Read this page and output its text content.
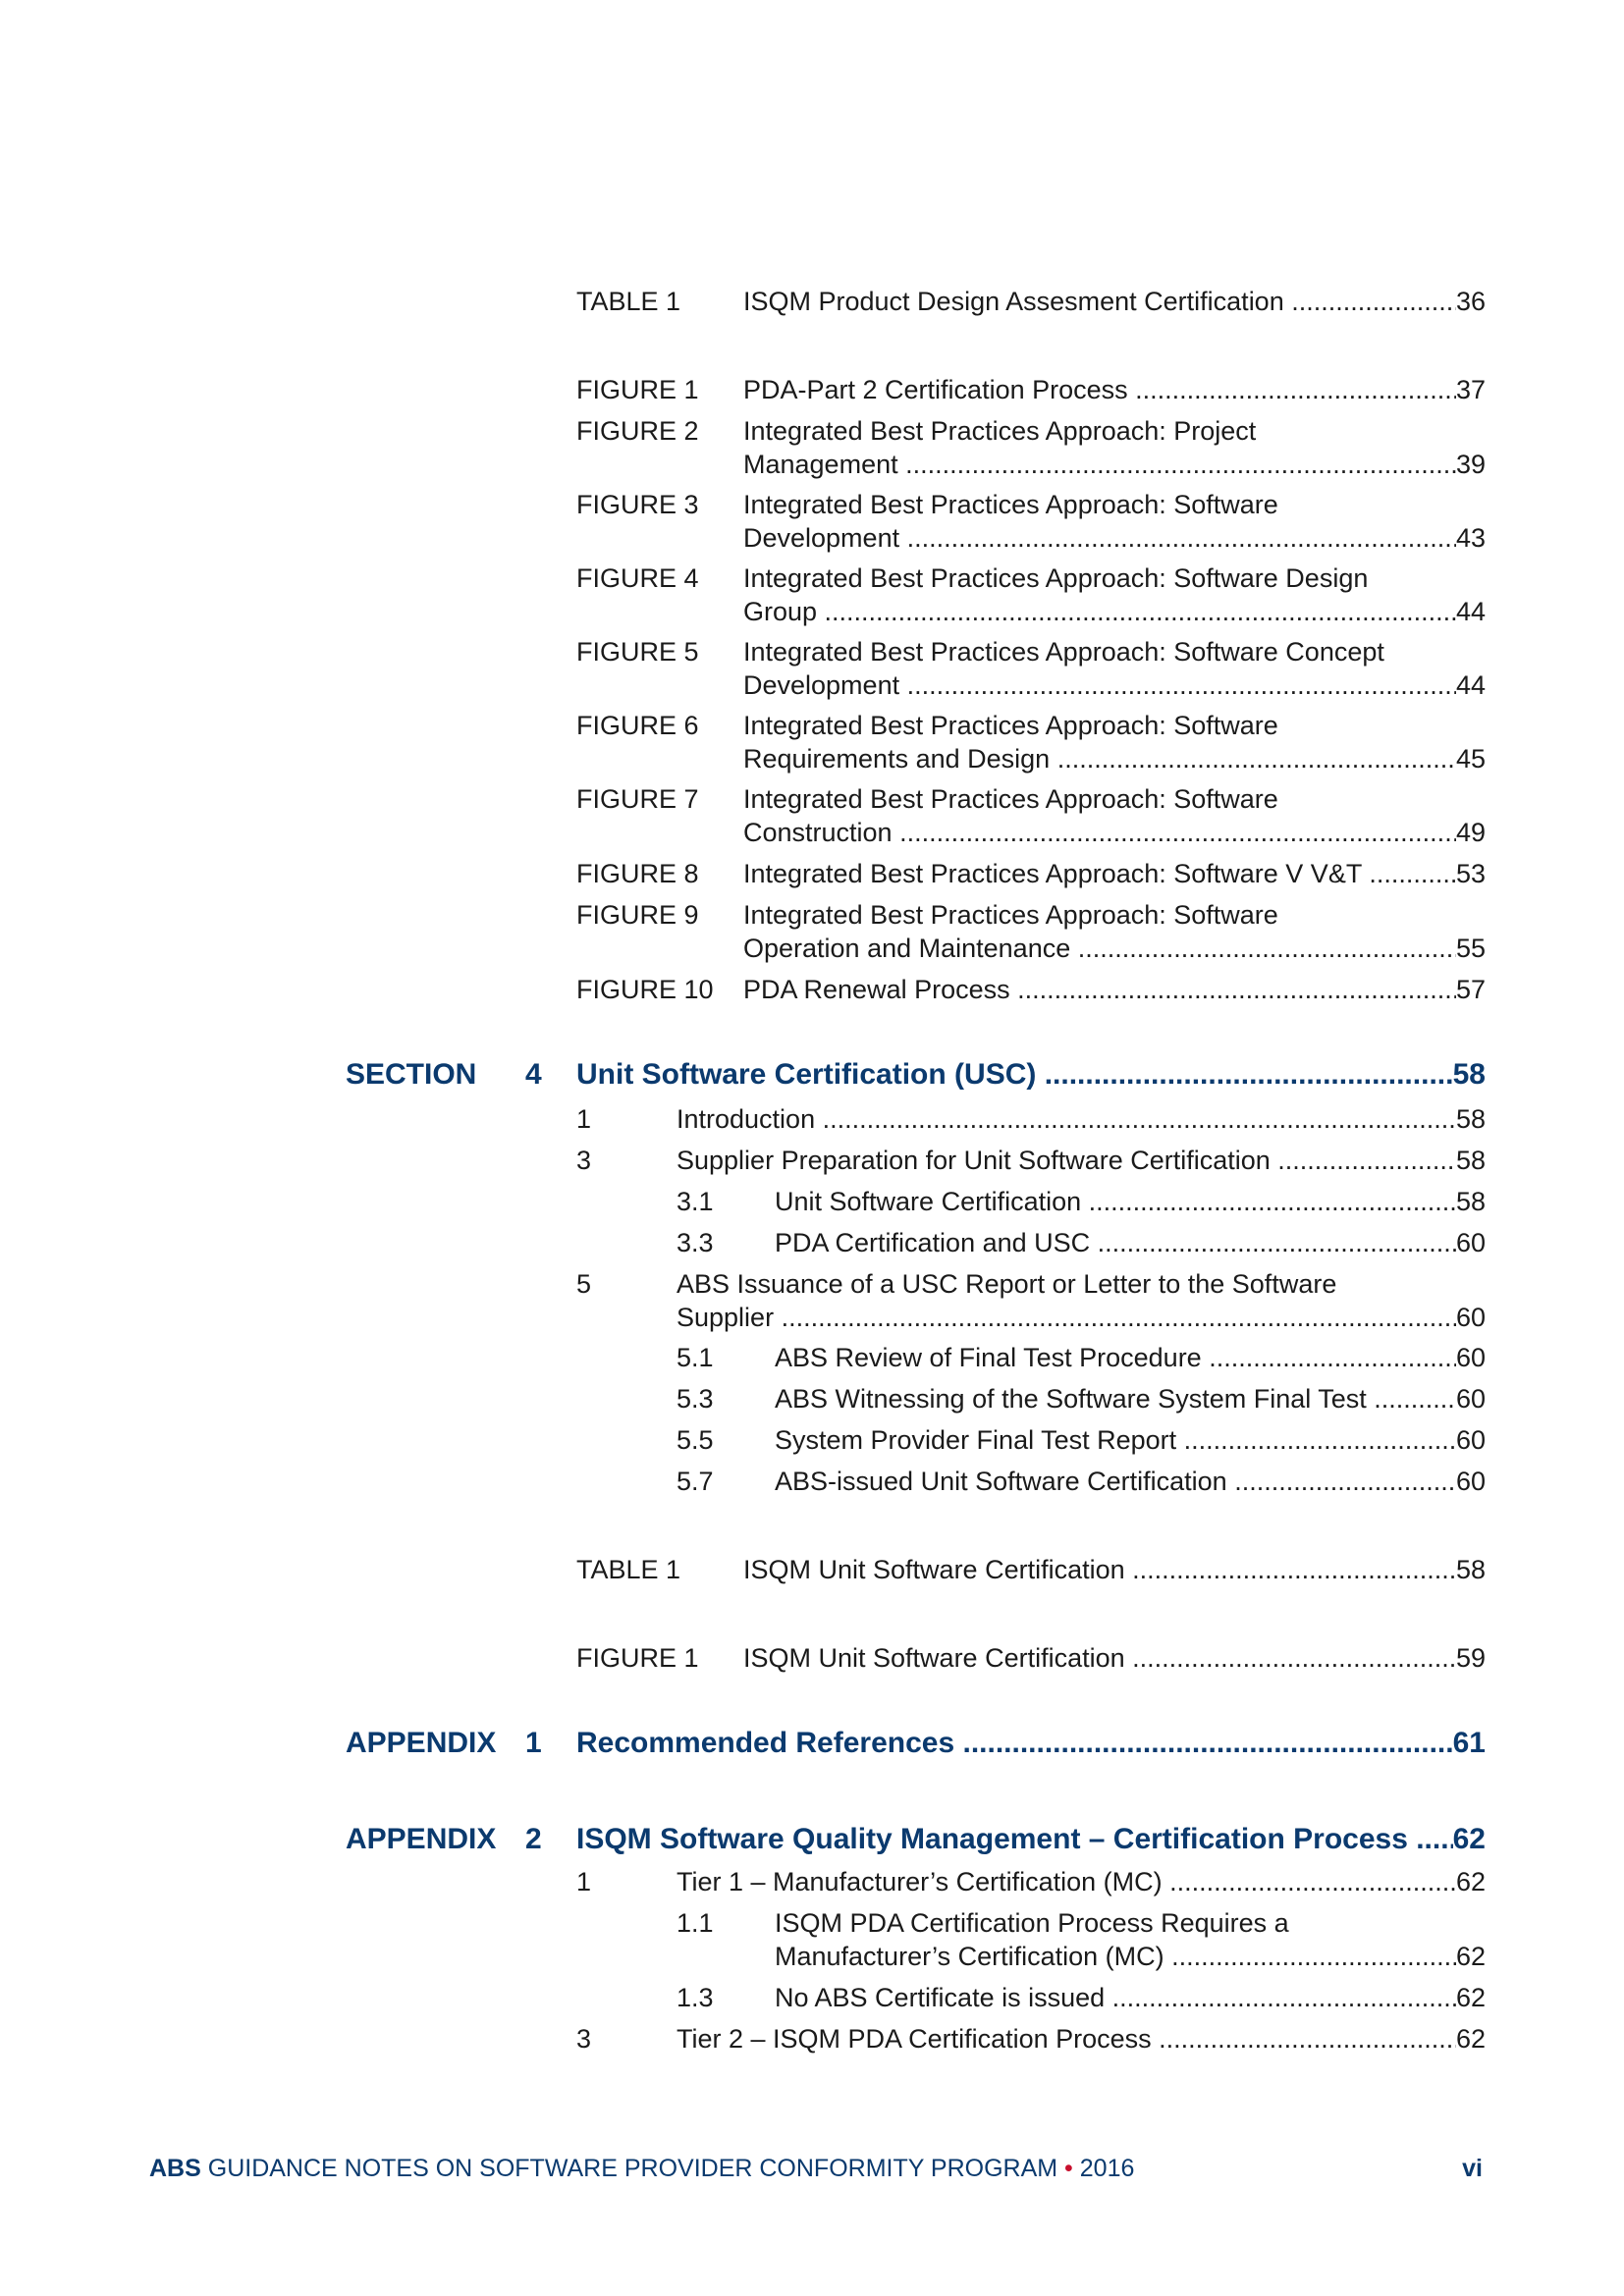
TABLE 1	ISQM Product Design Assesment Certification .....	36
FIGURE 1	PDA-Part 2 Certification Process .....	37
FIGURE 2 Integrated Best Practices Approach: Project
Management .....	39
FIGURE 3 Integrated Best Practices Approach: Software
Development .....	43
FIGURE 4 Integrated Best Practices Approach: Software Design
Group .....	44
FIGURE 5 Integrated Best Practices Approach: Software Concept
Development .....	44
FIGURE 6 Integrated Best Practices Approach: Software
Requirements and Design .....	45
FIGURE 7 Integrated Best Practices Approach: Software
Construction .....	49
FIGURE 8	Integrated Best Practices Approach: Software V V&T .....	53
FIGURE 9 Integrated Best Practices Approach: Software
Operation and Maintenance .....	55
FIGURE 10	PDA Renewal Process .....	57
SECTION 4 Unit Software Certification (USC) .....	58
1	Introduction .....	58
3	Supplier Preparation for Unit Software Certification .....	58
3.1	Unit Software Certification .....	58
3.3	PDA Certification and USC .....	60
5	ABS Issuance of a USC Report or Letter to the Software
Supplier .....	60
5.1	ABS Review of Final Test Procedure .....	60
5.3	ABS Witnessing of the Software System Final Test .....	60
5.5	System Provider Final Test Report .....	60
5.7	ABS-issued Unit Software Certification .....	60
TABLE 1	ISQM Unit Software Certification .....	58
FIGURE 1	ISQM Unit Software Certification .....	59
APPENDIX 1 Recommended References .....	61
APPENDIX 2 ISQM Software Quality Management – Certification Process .....	62
1	Tier 1 – Manufacturer’s Certification (MC) .....	62
1.1 ISQM PDA Certification Process Requires a
Manufacturer’s Certification (MC) .....	62
1.3	No ABS Certificate is issued .....	62
3	Tier 2 – ISQM PDA Certification Process .....	62
ABS GUIDANCE NOTES ON SOFTWARE PROVIDER CONFORMITY PROGRAM • 2016	vi
